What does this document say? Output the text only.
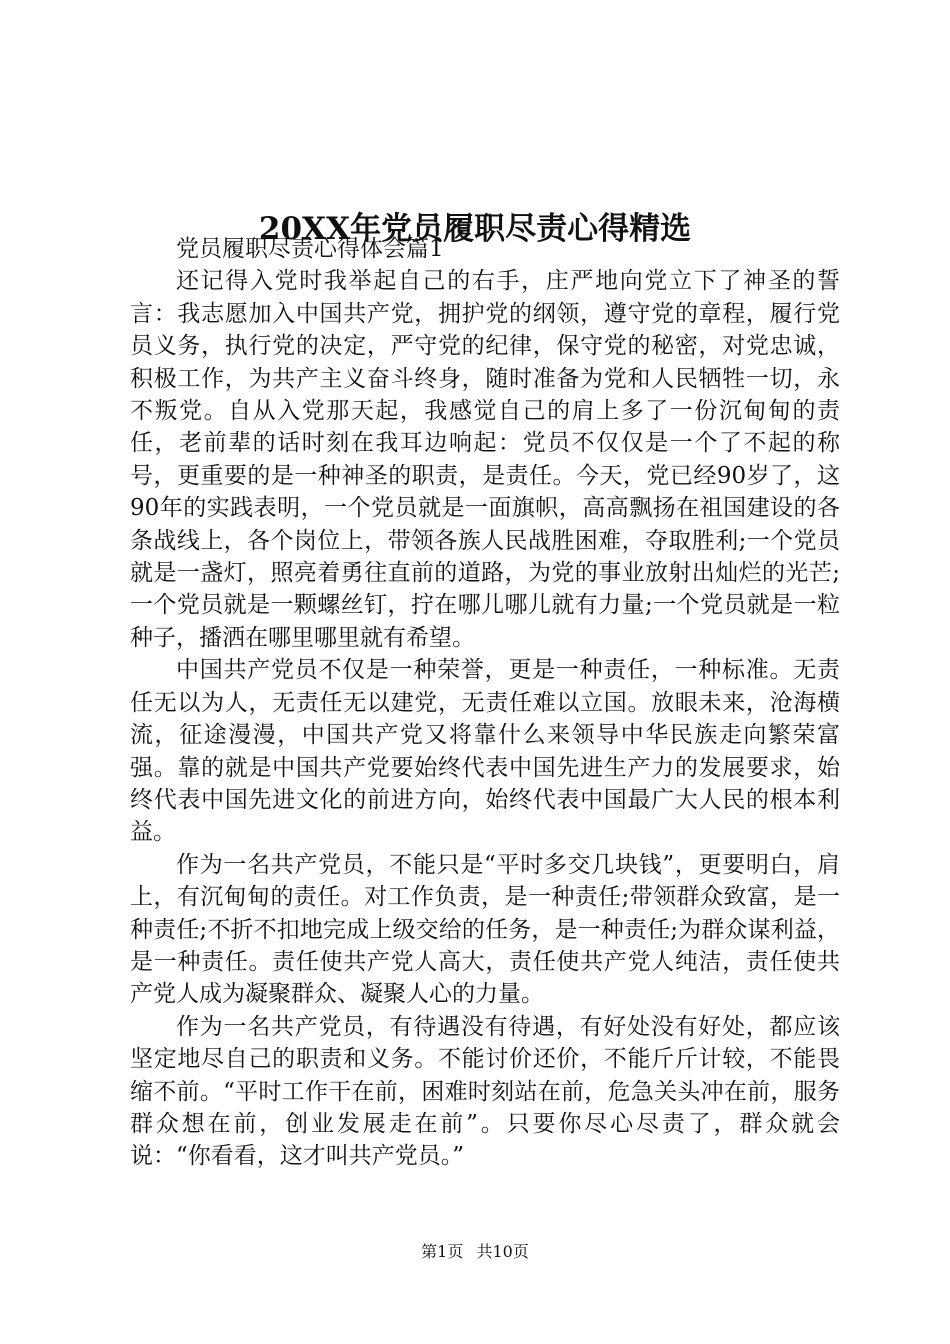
20XX年党员履职尽责心得精选

党员履职尽责心得体会篇1

还记得入党时我举起自己的右手，庄严地向党立下了神圣的誓言：我志愿加入中国共产党，拥护党的纲领，遵守党的章程，履行党员义务，执行党的决定，严守党的纪律，保守党的秘密，对党忠诚，积极工作，为共产主义奋斗终身，随时准备为党和人民牺牲一切，永不叛党。自从入党那天起，我感觉自己的肩上多了一份沉甸甸的责任，老前辈的话时刻在我耳边响起：党员不仅仅是一个了不起的称号，更重要的是一种神圣的职责，是责任。今天，党已经90岁了，这90年的实践表明，一个党员就是一面旗帜，高高飘扬在祖国建设的各条战线上，各个岗位上，带领各族人民战胜困难，夺取胜利;一个党员就是一盏灯，照亮着勇往直前的道路，为党的事业放射出灿烂的光芒;一个党员就是一颗螺丝钉，拧在哪儿哪儿就有力量;一个党员就是一粒种子，播洒在哪里哪里就有希望。

中国共产党员不仅是一种荣誉，更是一种责任，一种标准。无责任无以为人，无责任无以建党，无责任难以立国。放眼未来，沧海横流，征途漫漫，中国共产党又将靠什么来领导中华民族走向繁荣富强。靠的就是中国共产党要始终代表中国先进生产力的发展要求，始终代表中国先进文化的前进方向，始终代表中国最广大人民的根本利益。

作为一名共产党员，不能只是“平时多交几块钱”，更要明白，肩上，有沉甸甸的责任。对工作负责，是一种责任;带领群众致富，是一种责任;不折不扣地完成上级交给的任务，是一种责任;为群众谋利益，是一种责任。责任使共产党人高大，责任使共产党人纯洁，责任使共产党人成为凝聚群众、凝聚人心的力量。

作为一名共产党员，有待遇没有待遇，有好处没有好处，都应该坚定地尽自己的职责和义务。不能讨价还价，不能斤斤计较，不能畏缩不前。“平时工作干在前，困难时刻站在前，危急关头冲在前，服务群众想在前，创业发展走在前”。只要你尽心尽责了，群众就会说：“你看看，这才叫共产党员。”

第1页 共10页
